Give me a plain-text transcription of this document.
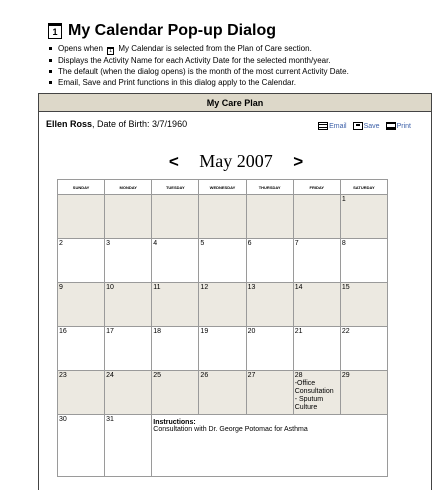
1 My Calendar Pop-up Dialog
Opens when 1 My Calendar is selected from the Plan of Care section.
Displays the Activity Name for each Activity Date for the selected month/year.
The default (when the dialog opens) is the month of the most current Activity Date.
Email, Save and Print functions in this dialog apply to the Calendar.
My Care Plan
Ellen Ross, Date of Birth: 3/7/1960	Email Save Print
< May 2007 >
SUNDAY	MONDAY	TUESDAY	WEDNESDAY	THURSDAY	FRIDAY	SATURDAY
						1
2	3	4	5	6	7	8
9	10	11	12	13	14	15
16	17	18	19	20	21	22
23	24	25	26	27	28
-Office Consultation
- Sputum Culture	29
30	31	Instructions:
Consultation with Dr. George Potomac for Asthma				
